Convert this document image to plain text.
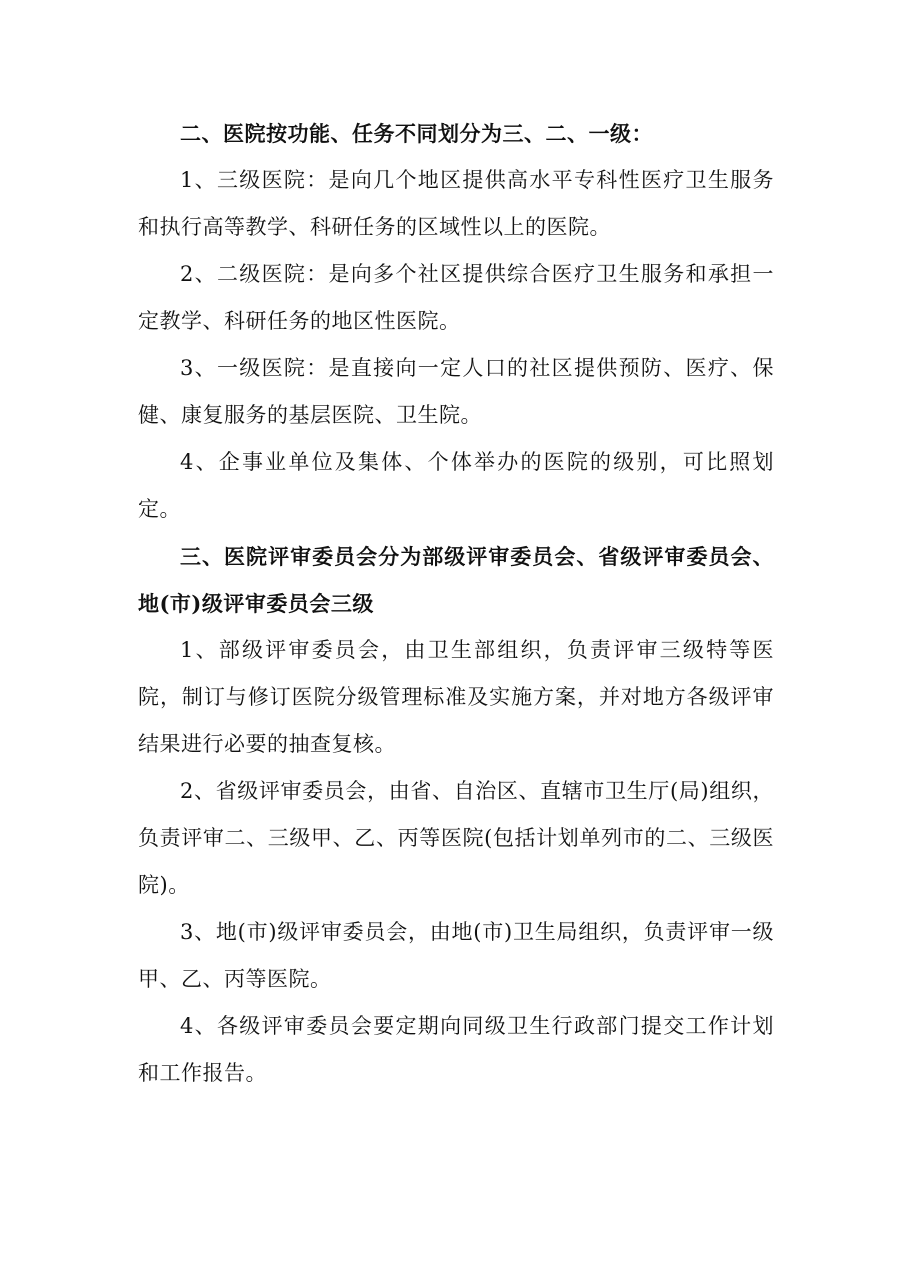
二、医院按功能、任务不同划分为三、二、一级：

1、三级医院：是向几个地区提供高水平专科性医疗卫生服务和执行高等教学、科研任务的区域性以上的医院。

2、二级医院：是向多个社区提供综合医疗卫生服务和承担一定教学、科研任务的地区性医院。

3、一级医院：是直接向一定人口的社区提供预防、医疗、保健、康复服务的基层医院、卫生院。

4、企事业单位及集体、个体举办的医院的级别，可比照划定。

三、医院评审委员会分为部级评审委员会、省级评审委员会、地(市)级评审委员会三级

1、部级评审委员会，由卫生部组织，负责评审三级特等医院，制订与修订医院分级管理标准及实施方案，并对地方各级评审结果进行必要的抽查复核。

2、省级评审委员会，由省、自治区、直辖市卫生厅(局)组织，负责评审二、三级甲、乙、丙等医院(包括计划单列市的二、三级医院)。

3、地(市)级评审委员会，由地(市)卫生局组织，负责评审一级甲、乙、丙等医院。

4、各级评审委员会要定期向同级卫生行政部门提交工作计划和工作报告。
